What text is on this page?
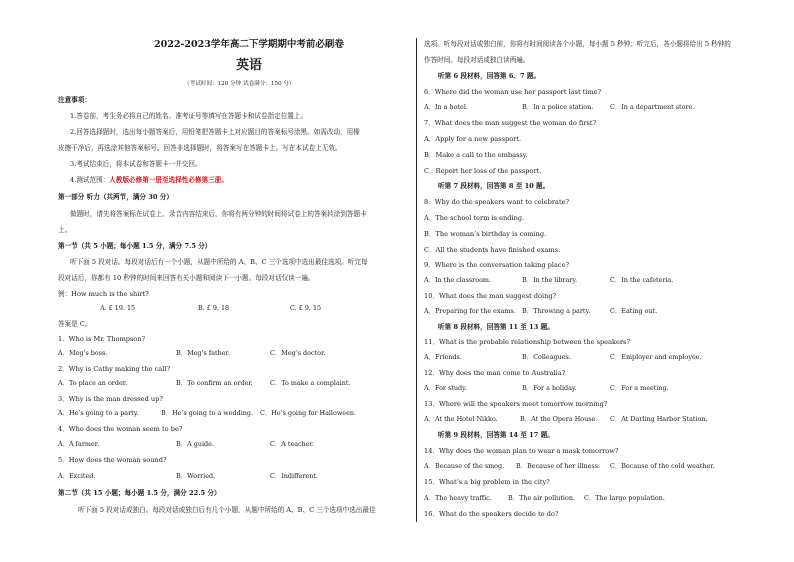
2022-2023学年高二下学期期中考前必刷卷
英语
（考试时间：120 分钟 试卷满分：150 分）
注意事项：
1.答卷前，考生务必将自己的姓名、准考证号等填写在答题卡和试卷指定位置上。
2.回答选择题时，选出每小题答案后，用铅笔把答题卡上对应题目的答案标号涂黑。如需改动，用橡
皮擦干净后，再选涂其他答案标号。回答非选择题时，将答案写在答题卡上。写在本试卷上无效。
3.考试结束后，将本试卷和答题卡一并交回。
4.测试范围：人教版必修第一册至选择性必修第三册。
第一部分 听力（共两节，满分 30 分）
做题时，请先将答案标在试卷上。录音内容结束后，你将有两分钟的时间将试卷上的答案转涂到答题卡
上。
第一节（共 5 小题；每小题 1.5 分，满分 7.5 分）
听下面 5 段对话。每段对话后有一个小题，从题中所给的 A、B、C 三个选项中选出最佳选项。听完每
段对话后，你都有 10 秒钟的时间来回答有关小题和阅读下一小题。每段对话仅读一遍。
例：How much is the shirt?
A. £ 19. 15	B. £ 9. 18	C. £ 9. 15
答案是 C。
1．Who is Mr. Thompson?
A．Meg’s boss.	B．Meg’s father.	C．Meg’s doctor.
2．Why is Cathy making the call?
A．To place an order.	B．To confirm an order.	C．To make a complaint.
3．Why is the man dressed up?
A．He’s going to a party.	B．He’s going to a wedding. C．He’s going for Halloween.
4．Who does the woman seem to be?
A．A farmer.	B．A guide.	C．A teacher.
5．How does the woman sound?
A．Excited.	B．Worried.	C．Indifferent.
第二节（共 15 小题；每小题 1.5 分，满分 22.5 分）
听下面 5 段对话或独白。每段对话或独白后有几个小题，从题中所给的 A、B、C 三个选项中选出最佳
选项。听每段对话或独白前，你将有时间阅读各个小题，每小题 5 秒钟；听完后，各小题将给出 5 秒钟的
作答时间。每段对话或独白读两遍。
听第 6 段材料，回答第 6、7 题。
6．Where did the woman use her passport last time?
A．In a hotel.	B．In a police station.	C．In a department store.
7．What does the man suggest the woman do first?
A．Apply for a new passport.
B．Make a call to the embassy.
C．Report her loss of the passport.
听第 7 段材料，回答第 8 至 10 题。
8．Why do the speakers want to celebrate?
A．The school term is ending.
B．The woman’s birthday is coming.
C．All the students have finished exams.
9．Where is the conversation taking place?
A．In the classroom.	B．In the library.	C．In the cafeteria.
10．What does the man suggest doing?
A．Preparing for the exams. B．Throwing a party.	C．Eating out.
听第 8 段材料，回答第 11 至 13 题。
11．What is the probable relationship between the speakers?
A．Friends.	B．Colleagues.	C．Employer and employee.
12．Why does the man come to Australia?
A．For study.	B．For a holiday.	C．For a meeting.
13．Where will the speakers meet tomorrow morning?
A．At the Hotel Nikko.	B．At the Opera House. C．At Darling Harbor Station.
听第 9 段材料，回答第 14 至 17 题。
14．Why does the woman plan to wear a mask tomorrow?
A．Because of the smog. B．Because of her illness. C．Because of the cold weather.
15．What’s a big problem in the city?
A．The heavy traffic.	B．The air pollution. C．The large population.
16．What do the speakers decide to do?
